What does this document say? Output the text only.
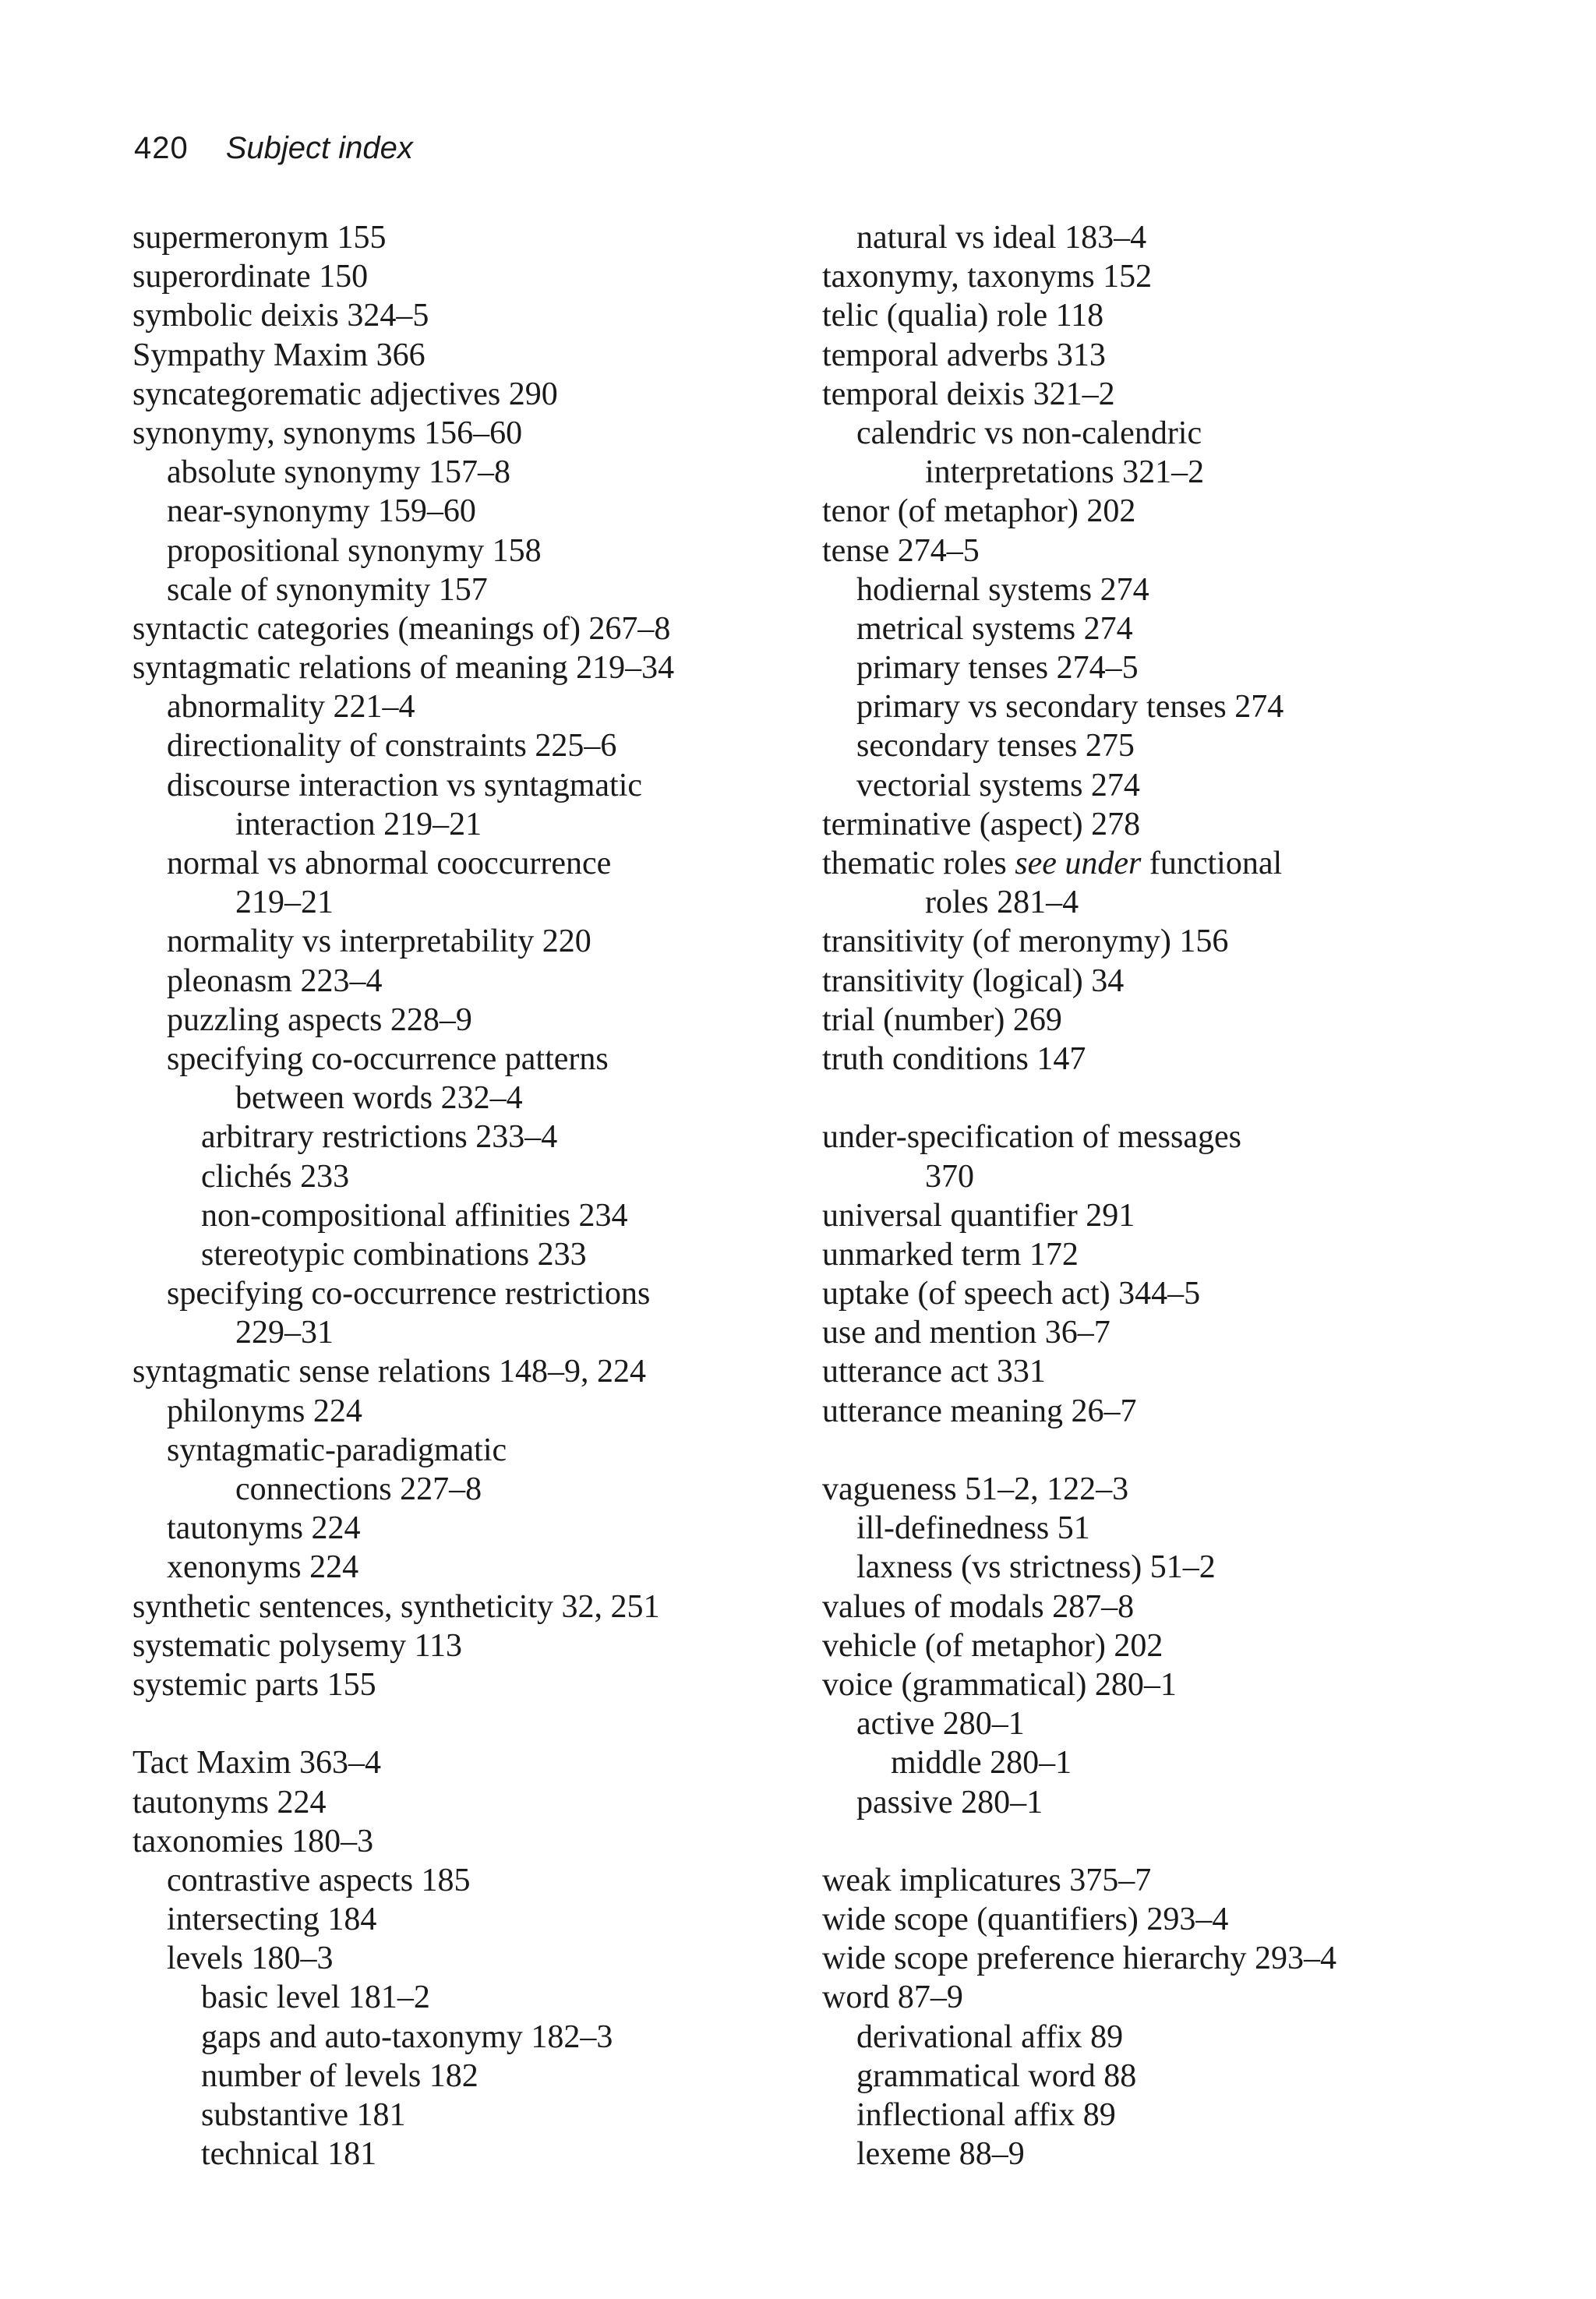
420 Subject index
supermeronym 155
superordinate 150
symbolic deixis 324–5
Sympathy Maxim 366
syncategorematic adjectives 290
synonymy, synonyms 156–60
absolute synonymy 157–8
near-synonymy 159–60
propositional synonymy 158
scale of synonymity 157
syntactic categories (meanings of) 267–8
syntagmatic relations of meaning 219–34
abnormality 221–4
directionality of constraints 225–6
discourse interaction vs syntagmatic
interaction 219–21
normal vs abnormal cooccurrence
219–21
normality vs interpretability 220
pleonasm 223–4
puzzling aspects 228–9
specifying co-occurrence patterns
between words 232–4
arbitrary restrictions 233–4
clichés 233
non-compositional affinities 234
stereotypic combinations 233
specifying co-occurrence restrictions
229–31
syntagmatic sense relations 148–9, 224
philonyms 224
syntagmatic-paradigmatic
connections 227–8
tautonyms 224
xenonyms 224
synthetic sentences, syntheticity 32, 251
systematic polysemy 113
systemic parts 155
Tact Maxim 363–4
tautonyms 224
taxonomies 180–3
contrastive aspects 185
intersecting 184
levels 180–3
basic level 181–2
gaps and auto-taxonymy 182–3
number of levels 182
substantive 181
technical 181
natural vs ideal 183–4
taxonymy, taxonyms 152
telic (qualia) role 118
temporal adverbs 313
temporal deixis 321–2
calendric vs non-calendric
interpretations 321–2
tenor (of metaphor) 202
tense 274–5
hodiernal systems 274
metrical systems 274
primary tenses 274–5
primary vs secondary tenses 274
secondary tenses 275
vectorial systems 274
terminative (aspect) 278
thematic roles see under functional
roles 281–4
transitivity (of meronymy) 156
transitivity (logical) 34
trial (number) 269
truth conditions 147
under-specification of messages
370
universal quantifier 291
unmarked term 172
uptake (of speech act) 344–5
use and mention 36–7
utterance act 331
utterance meaning 26–7
vagueness 51–2, 122–3
ill-definedness 51
laxness (vs strictness) 51–2
values of modals 287–8
vehicle (of metaphor) 202
voice (grammatical) 280–1
active 280–1
middle 280–1
passive 280–1
weak implicatures 375–7
wide scope (quantifiers) 293–4
wide scope preference hierarchy 293–4
word 87–9
derivational affix 89
grammatical word 88
inflectional affix 89
lexeme 88–9
